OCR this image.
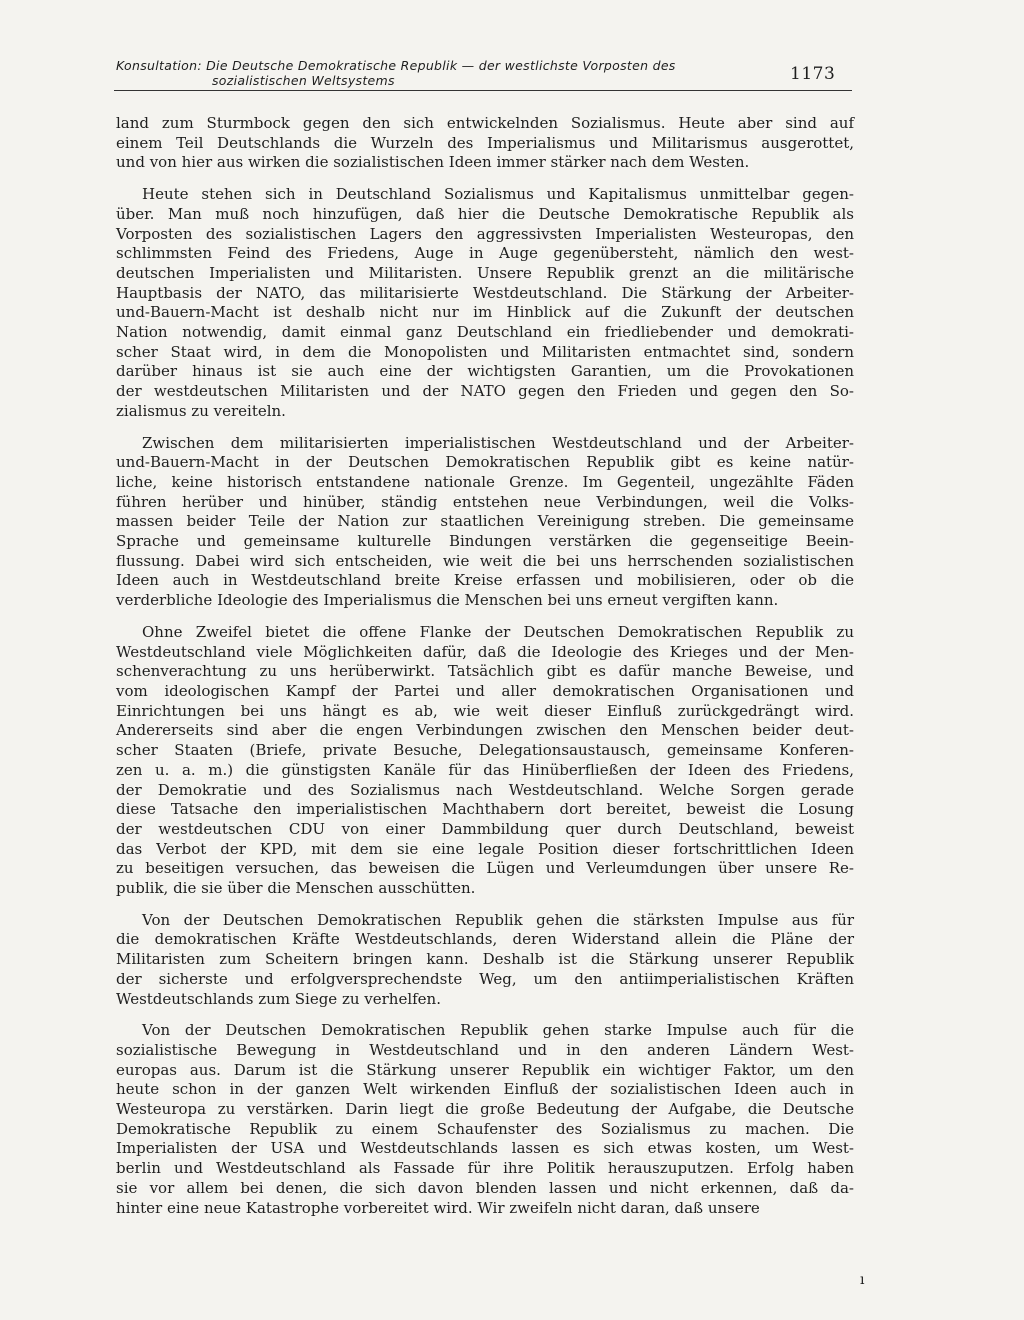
Konsultation: Die Deutsche Demokratische Republik — der westlichste Vorposten des
sozialistischen Weltsystems	1173

land zum Sturmbock gegen den sich entwickelnden Sozialismus. Heute aber sind auf
einem Teil Deutschlands die Wurzeln des Imperialismus und Militarismus ausgerottet,
und von hier aus wirken die sozialistischen Ideen immer stärker nach dem Westen.

Heute stehen sich in Deutschland Sozialismus und Kapitalismus unmittelbar gegen-
über. Man muß noch hinzufügen, daß hier die Deutsche Demokratische Republik als
Vorposten des sozialistischen Lagers den aggressivsten Imperialisten Westeuropas, den
schlimmsten Feind des Friedens, Auge in Auge gegenübersteht, nämlich den west-
deutschen Imperialisten und Militaristen. Unsere Republik grenzt an die militärische
Hauptbasis der NATO, das militarisierte Westdeutschland. Die Stärkung der Arbeiter-
und-Bauern-Macht ist deshalb nicht nur im Hinblick auf die Zukunft der deutschen
Nation notwendig, damit einmal ganz Deutschland ein friedliebender und demokrati-
scher Staat wird, in dem die Monopolisten und Militaristen entmachtet sind, sondern
darüber hinaus ist sie auch eine der wichtigsten Garantien, um die Provokationen
der westdeutschen Militaristen und der NATO gegen den Frieden und gegen den So-
zialismus zu vereiteln.

Zwischen dem militarisierten imperialistischen Westdeutschland und der Arbeiter-
und-Bauern-Macht in der Deutschen Demokratischen Republik gibt es keine natür-
liche, keine historisch entstandene nationale Grenze. Im Gegenteil, ungezählte Fäden
führen herüber und hinüber, ständig entstehen neue Verbindungen, weil die Volks-
massen beider Teile der Nation zur staatlichen Vereinigung streben. Die gemeinsame
Sprache und gemeinsame kulturelle Bindungen verstärken die gegenseitige Beein-
flussung. Dabei wird sich entscheiden, wie weit die bei uns herrschenden sozialistischen
Ideen auch in Westdeutschland breite Kreise erfassen und mobilisieren, oder ob die
verderbliche Ideologie des Imperialismus die Menschen bei uns erneut vergiften kann.

Ohne Zweifel bietet die offene Flanke der Deutschen Demokratischen Republik zu
Westdeutschland viele Möglichkeiten dafür, daß die Ideologie des Krieges und der Men-
schenverachtung zu uns herüberwirkt. Tatsächlich gibt es dafür manche Beweise, und
vom ideologischen Kampf der Partei und aller demokratischen Organisationen und
Einrichtungen bei uns hängt es ab, wie weit dieser Einfluß zurückgedrängt wird.
Andererseits sind aber die engen Verbindungen zwischen den Menschen beider deut-
scher Staaten (Briefe, private Besuche, Delegationsaustausch, gemeinsame Konferen-
zen u. a. m.) die günstigsten Kanäle für das Hinüberfließen der Ideen des Friedens,
der Demokratie und des Sozialismus nach Westdeutschland. Welche Sorgen gerade
diese Tatsache den imperialistischen Machthabern dort bereitet, beweist die Losung
der westdeutschen CDU von einer Dammbildung quer durch Deutschland, beweist
das Verbot der KPD, mit dem sie eine legale Position dieser fortschrittlichen Ideen
zu beseitigen versuchen, das beweisen die Lügen und Verleumdungen über unsere Re-
publik, die sie über die Menschen ausschütten.

Von der Deutschen Demokratischen Republik gehen die stärksten Impulse aus für
die demokratischen Kräfte Westdeutschlands, deren Widerstand allein die Pläne der
Militaristen zum Scheitern bringen kann. Deshalb ist die Stärkung unserer Republik
der sicherste und erfolgversprechendste Weg, um den antiimperialistischen Kräften
Westdeutschlands zum Siege zu verhelfen.

Von der Deutschen Demokratischen Republik gehen starke Impulse auch für die
sozialistische Bewegung in Westdeutschland und in den anderen Ländern West-
europas aus. Darum ist die Stärkung unserer Republik ein wichtiger Faktor, um den
heute schon in der ganzen Welt wirkenden Einfluß der sozialistischen Ideen auch in
Westeuropa zu verstärken. Darin liegt die große Bedeutung der Aufgabe, die Deutsche
Demokratische Republik zu einem Schaufenster des Sozialismus zu machen. Die
Imperialisten der USA und Westdeutschlands lassen es sich etwas kosten, um West-
berlin und Westdeutschland als Fassade für ihre Politik herauszuputzen. Erfolg haben
sie vor allem bei denen, die sich davon blenden lassen und nicht erkennen, daß da-
hinter eine neue Katastrophe vorbereitet wird. Wir zweifeln nicht daran, daß unsere

ı
